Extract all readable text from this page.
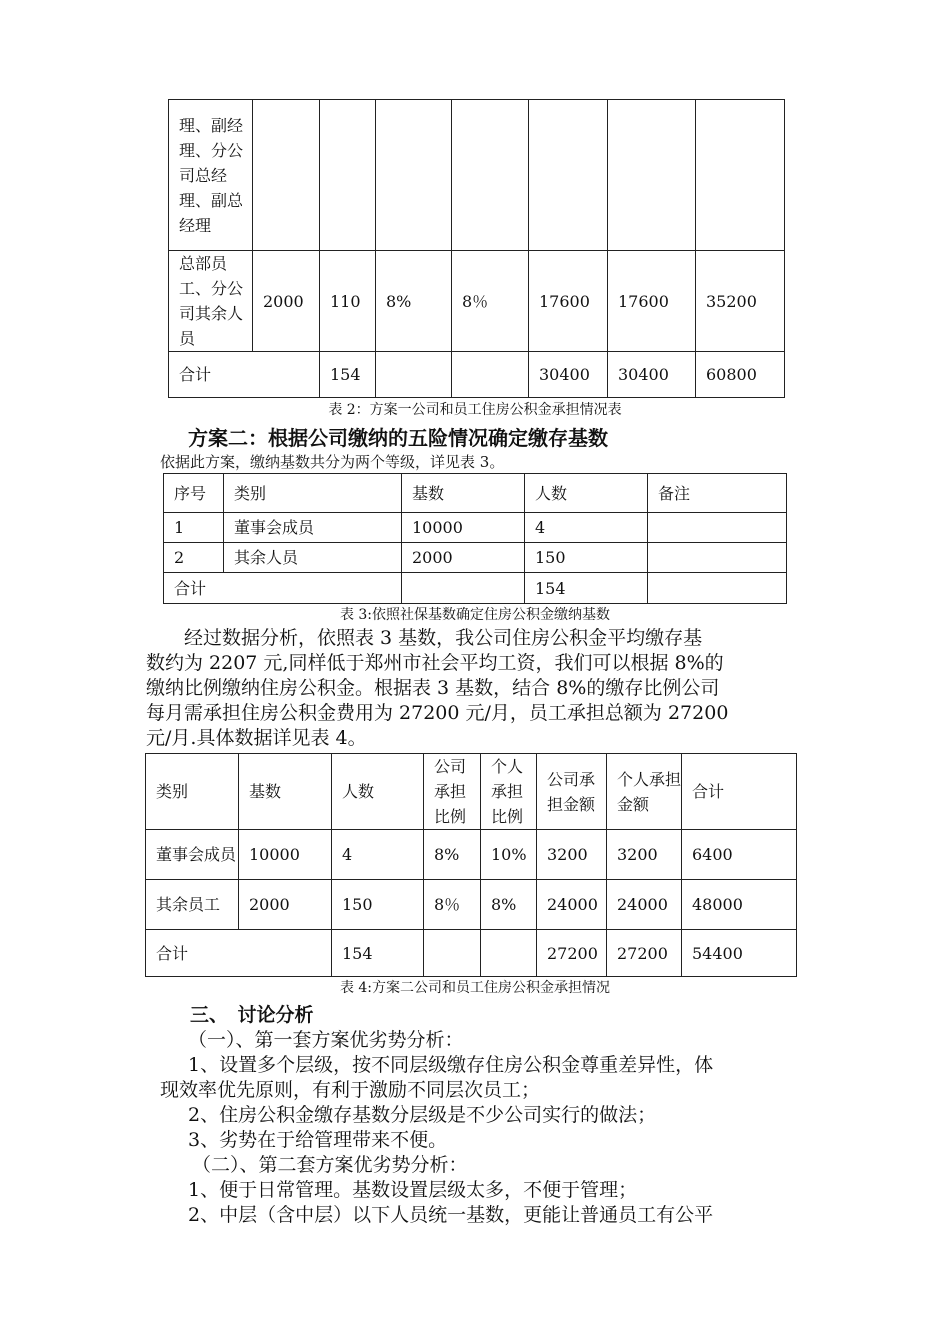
理、副经理、分公司总经理、副总经理							
总部员工、分公司其余人员	2000	110	8%	8％	17600	17600	35200
合计		154			30400	30400	60800
表 2：方案一公司和员工住房公积金承担情况表
方案二：根据公司缴纳的五险情况确定缴存基数
依据此方案，缴纳基数共分为两个等级，详见表 3。
序号	类别	基数	人数	备注
1	董事会成员	10000	4	
2	其余人员	2000	150	
合计			154	
表 3:依照社保基数确定住房公积金缴纳基数
　　经过数据分析，依照表 3 基数，我公司住房公积金平均缴存基
数约为 2207 元,同样低于郑州市社会平均工资，我们可以根据 8%的
缴纳比例缴纳住房公积金。根据表 3 基数，结合 8%的缴存比例公司
每月需承担住房公积金费用为 27200 元/月，员工承担总额为 27200
元/月.具体数据详见表 4。
类别	基数	人数	公司承担比例	个人承担比例	公司承担金额	个人承担金额	合计
董事会成员	10000	4	8%	10%	3200	3200	6400
其余员工	2000	150	8％	8%	24000	24000	48000
合计		154			27200	27200	54400
表 4:方案二公司和员工住房公积金承担情况
三、　讨论分析
（一）、第一套方案优劣势分析：
1、设置多个层级，按不同层级缴存住房公积金尊重差异性，体
现效率优先原则，有利于激励不同层次员工；
2、住房公积金缴存基数分层级是不少公司实行的做法；
3、劣势在于给管理带来不便。
（二）、第二套方案优劣势分析：
1、便于日常管理。基数设置层级太多，不便于管理；
2、中层（含中层）以下人员统一基数，更能让普通员工有公平
